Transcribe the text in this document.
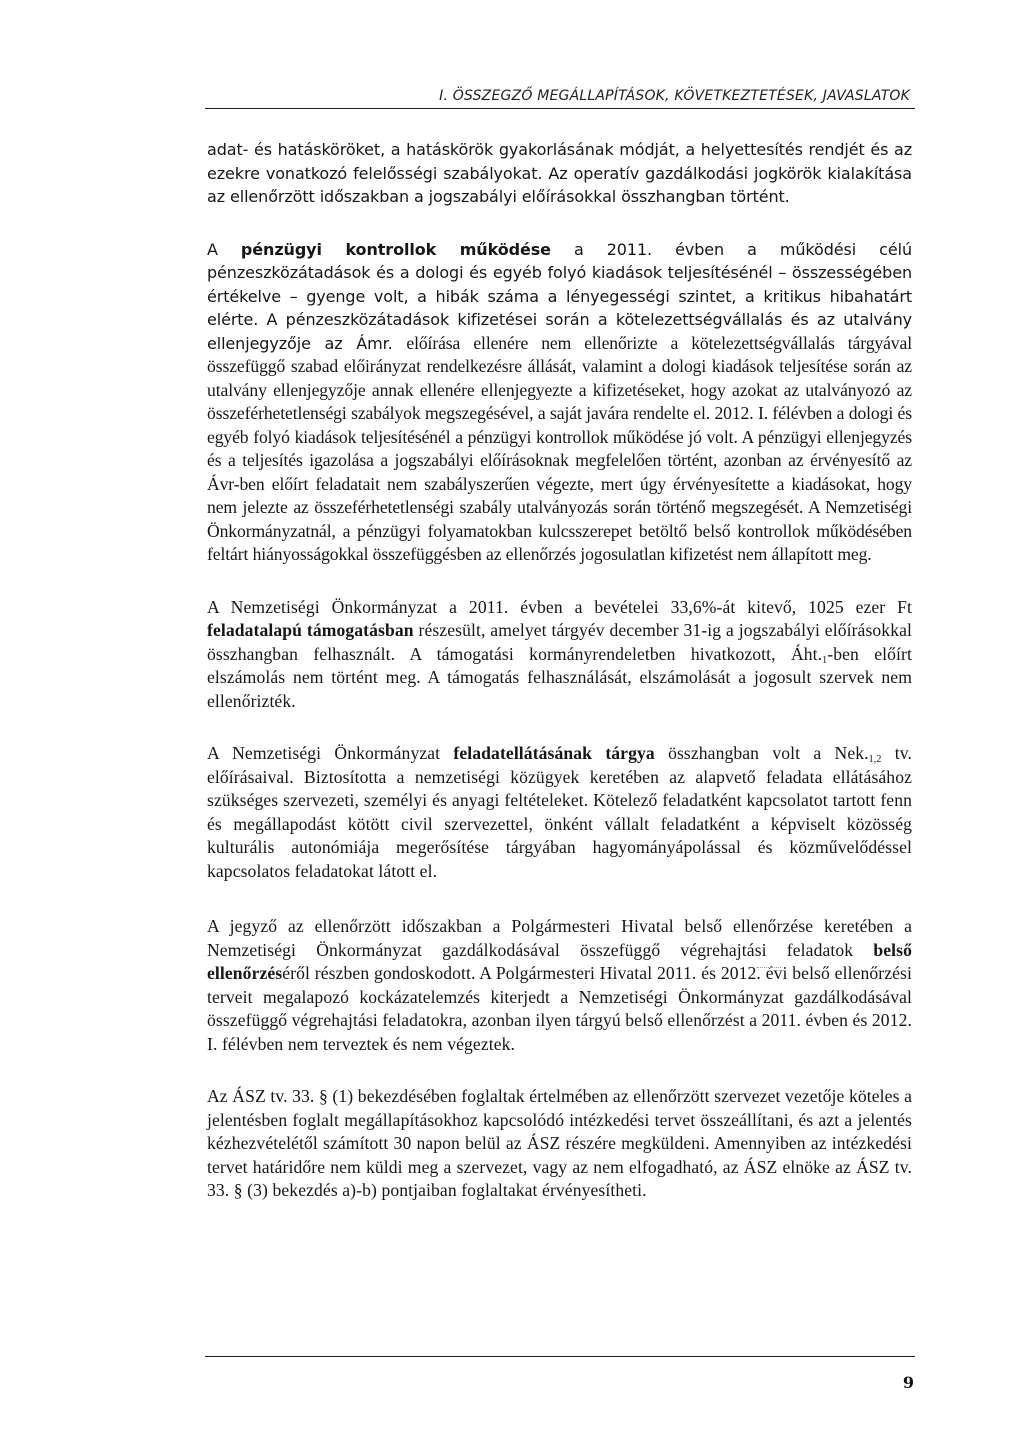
I. ÖSSZEGZŐ MEGÁLLAPÍTÁSOK, KÖVETKEZTETÉSEK, JAVASLATOK

adat- és hatásköröket, a hatáskörök gyakorlásának módját, a helyettesítés rendjét és az ezekre vonatkozó felelősségi szabályokat. Az operatív gazdálkodási jogkörök kialakítása az ellenőrzött időszakban a jogszabályi előírásokkal összhangban történt.

A pénzügyi kontrollok működése a 2011. évben a működési célú pénzeszközátadások és a dologi és egyéb folyó kiadások teljesítésénél – összességében értékelve – gyenge volt, a hibák száma a lényegességi szintet, a kritikus hibahatárt elérte. A pénzeszközátadások kifizetései során a kötelezettségvállalás és az utalvány ellenjegyzője az Ámr. előírása ellenére nem ellenőrizte a kötelezettségvállalás tárgyával összefüggő szabad előirányzat rendelkezésre állását, valamint a dologi kiadások teljesítése során az utalvány ellenjegyzője annak ellenére ellenjegyezte a kifizetéseket, hogy azokat az utalványozó az összeférhetetlenségi szabályok megszegésével, a saját javára rendelte el. 2012. I. félévben a dologi és egyéb folyó kiadások teljesítésénél a pénzügyi kontrollok működése jó volt. A pénzügyi ellenjegyzés és a teljesítés igazolása a jogszabályi előírásoknak megfelelően történt, azonban az érvényesítő az Ávr-ben előírt feladatait nem szabályszerűen végezte, mert úgy érvényesítette a kiadásokat, hogy nem jelezte az összeférhetetlenségi szabály utalványozás során történő megszegését. A Nemzetiségi Önkormányzatnál, a pénzügyi folyamatokban kulcsszerepet betöltő belső kontrollok működésében feltárt hiányosságokkal összefüggésben az ellenőrzés jogosulatlan kifizetést nem állapított meg.

A Nemzetiségi Önkormányzat a 2011. évben a bevételei 33,6%-át kitevő, 1025 ezer Ft feladatalapú támogatásban részesült, amelyet tárgyév december 31-ig a jogszabályi előírásokkal összhangban felhasznált. A támogatási kormányrendeletben hivatkozott, $Áht._1$-ben előírt elszámolás nem történt meg. A támogatás felhasználását, elszámolását a jogosult szervek nem ellenőrizték.

A Nemzetiségi Önkormányzat feladatellátásának tárgya összhangban volt a $Nek._{1,2}$ tv. előírásaival. Biztosította a nemzetiségi közügyek keretében az alapvető feladata ellátásához szükséges szervezeti, személyi és anyagi feltételeket. Kötelező feladatként kapcsolatot tartott fenn és megállapodást kötött civil szervezettel, önként vállalt feladatként a képviselt közösség kulturális autonómiája megerősítése tárgyában hagyományápolással és közművelődéssel kapcsolatos feladatokat látott el.

A jegyző az ellenőrzött időszakban a Polgármesteri Hivatal belső ellenőrzése keretében a Nemzetiségi Önkormányzat gazdálkodásával összefüggő végrehajtási feladatok belső ellenőrzéséről részben gondoskodott. A Polgármesteri Hivatal 2011. és 2012. évi belső ellenőrzési terveit megalapozó kockázatelemzés kiterjedt a Nemzetiségi Önkormányzat gazdálkodásával összefüggő végrehajtási feladatokra, azonban ilyen tárgyú belső ellenőrzést a 2011. évben és 2012. I. félévben nem terveztek és nem végeztek.

Az ÁSZ tv. 33. § (1) bekezdésében foglaltak értelmében az ellenőrzött szervezet vezetője köteles a jelentésben foglalt megállapításokhoz kapcsolódó intézkedési tervet összeállítani, és azt a jelentés kézhezvételétől számított 30 napon belül az ÁSZ részére megküldeni. Amennyiben az intézkedési tervet határidőre nem küldi meg a szervezet, vagy az nem elfogadható, az ÁSZ elnöke az ÁSZ tv. 33. § (3) bekezdés a)-b) pontjaiban foglaltakat érvényesítheti.

9
